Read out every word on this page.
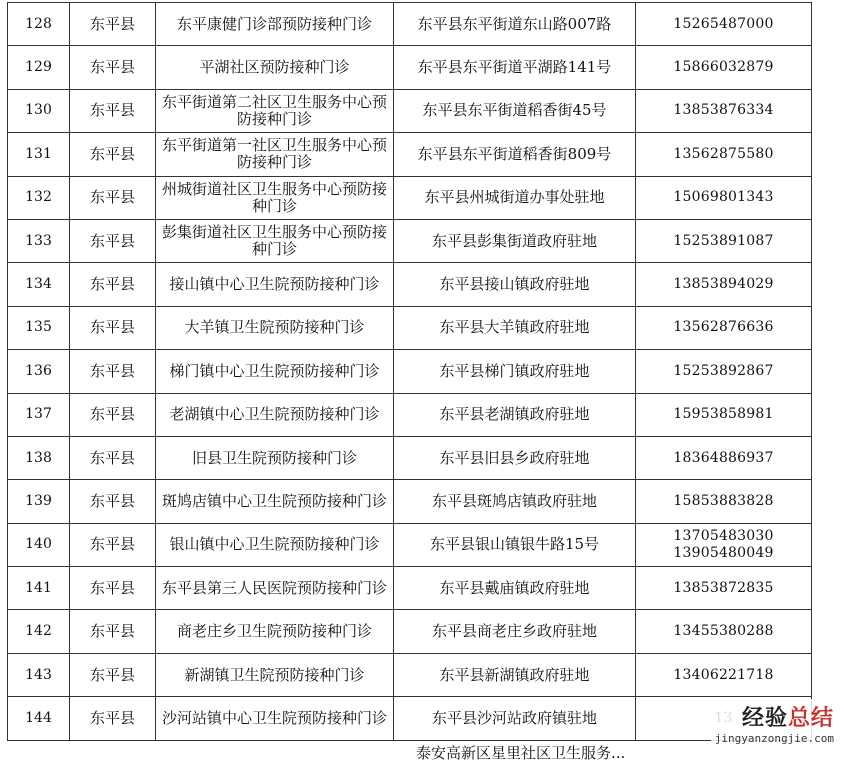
128	东平县	东平康健门诊部预防接种门诊	东平县东平街道东山路007路	15265487000
129	东平县	平湖社区预防接种门诊	东平县东平街道平湖路141号	15866032879
130	东平县	东平街道第二社区卫生服务中心预防接种门诊	东平县东平街道稻香街45号	13853876334
131	东平县	东平街道第一社区卫生服务中心预防接种门诊	东平县东平街道稻香街809号	13562875580
132	东平县	州城街道社区卫生服务中心预防接种门诊	东平县州城街道办事处驻地	15069801343
133	东平县	彭集街道社区卫生服务中心预防接种门诊	东平县彭集街道政府驻地	15253891087
134	东平县	接山镇中心卫生院预防接种门诊	东平县接山镇政府驻地	13853894029
135	东平县	大羊镇卫生院预防接种门诊	东平县大羊镇政府驻地	13562876636
136	东平县	梯门镇中心卫生院预防接种门诊	东平县梯门镇政府驻地	15253892867
137	东平县	老湖镇中心卫生院预防接种门诊	东平县老湖镇政府驻地	15953858981
138	东平县	旧县卫生院预防接种门诊	东平县旧县乡政府驻地	18364886937
139	东平县	斑鸠店镇中心卫生院预防接种门诊	东平县斑鸠店镇政府驻地	15853883828
140	东平县	银山镇中心卫生院预防接种门诊	东平县银山镇银牛路15号	13705483030
13905480049
141	东平县	东平县第三人民医院预防接种门诊	东平县戴庙镇政府驻地	13853872835
142	东平县	商老庄乡卫生院预防接种门诊	东平县商老庄乡政府驻地	13455380288
143	东平县	新湖镇卫生院预防接种门诊	东平县新湖镇政府驻地	13406221718
144	东平县	沙河站镇中心卫生院预防接种门诊	东平县沙河站政府镇驻地	
泰安高新区星里社区卫生服务...
经验总结
jingyanzongjie.com
